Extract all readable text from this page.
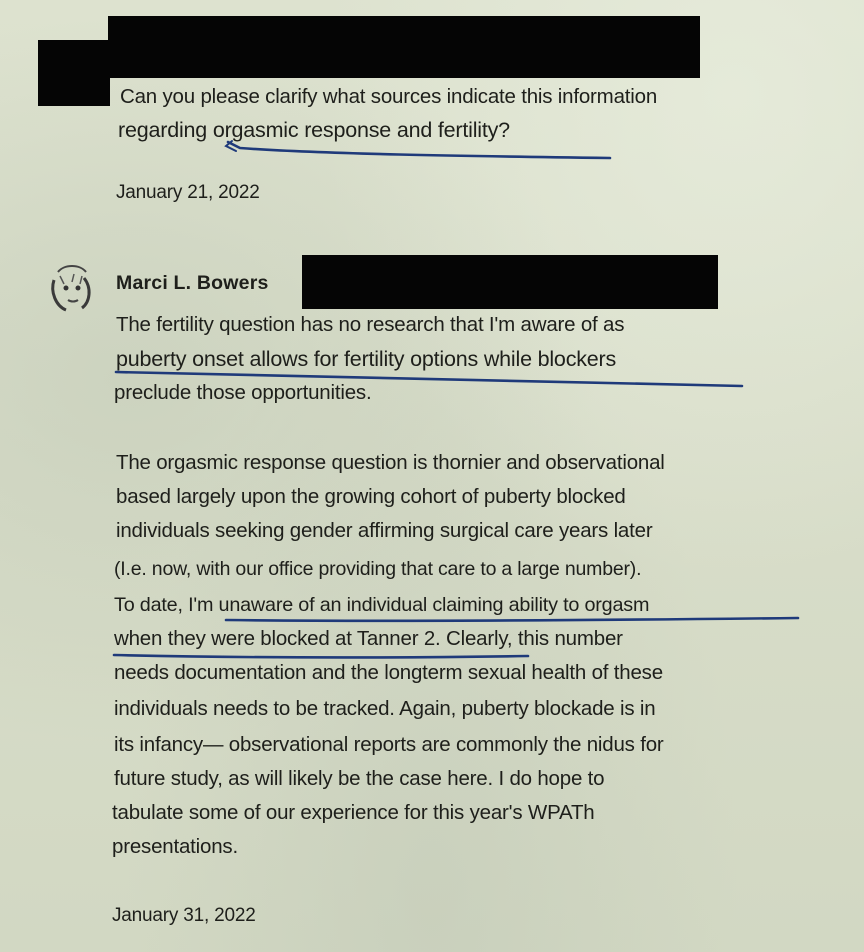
Can you please clarify what sources indicate this information
regarding orgasmic response and fertility?
January 21, 2022
Marci L. Bowers
The fertility question has no research that I'm aware of as
puberty onset allows for fertility options while blockers
preclude those opportunities.
The orgasmic response question is thornier and observational
based largely upon the growing cohort of puberty blocked
individuals seeking gender affirming surgical care years later
(I.e. now, with our office providing that care to a large number).
To date, I'm unaware of an individual claiming ability to orgasm
when they were blocked at Tanner 2. Clearly, this number
needs documentation and the longterm sexual health of these
individuals needs to be tracked. Again, puberty blockade is in
its infancy— observational reports are commonly the nidus for
future study, as will likely be the case here. I do hope to
tabulate some of our experience for this year's WPATh
presentations.
January 31, 2022
